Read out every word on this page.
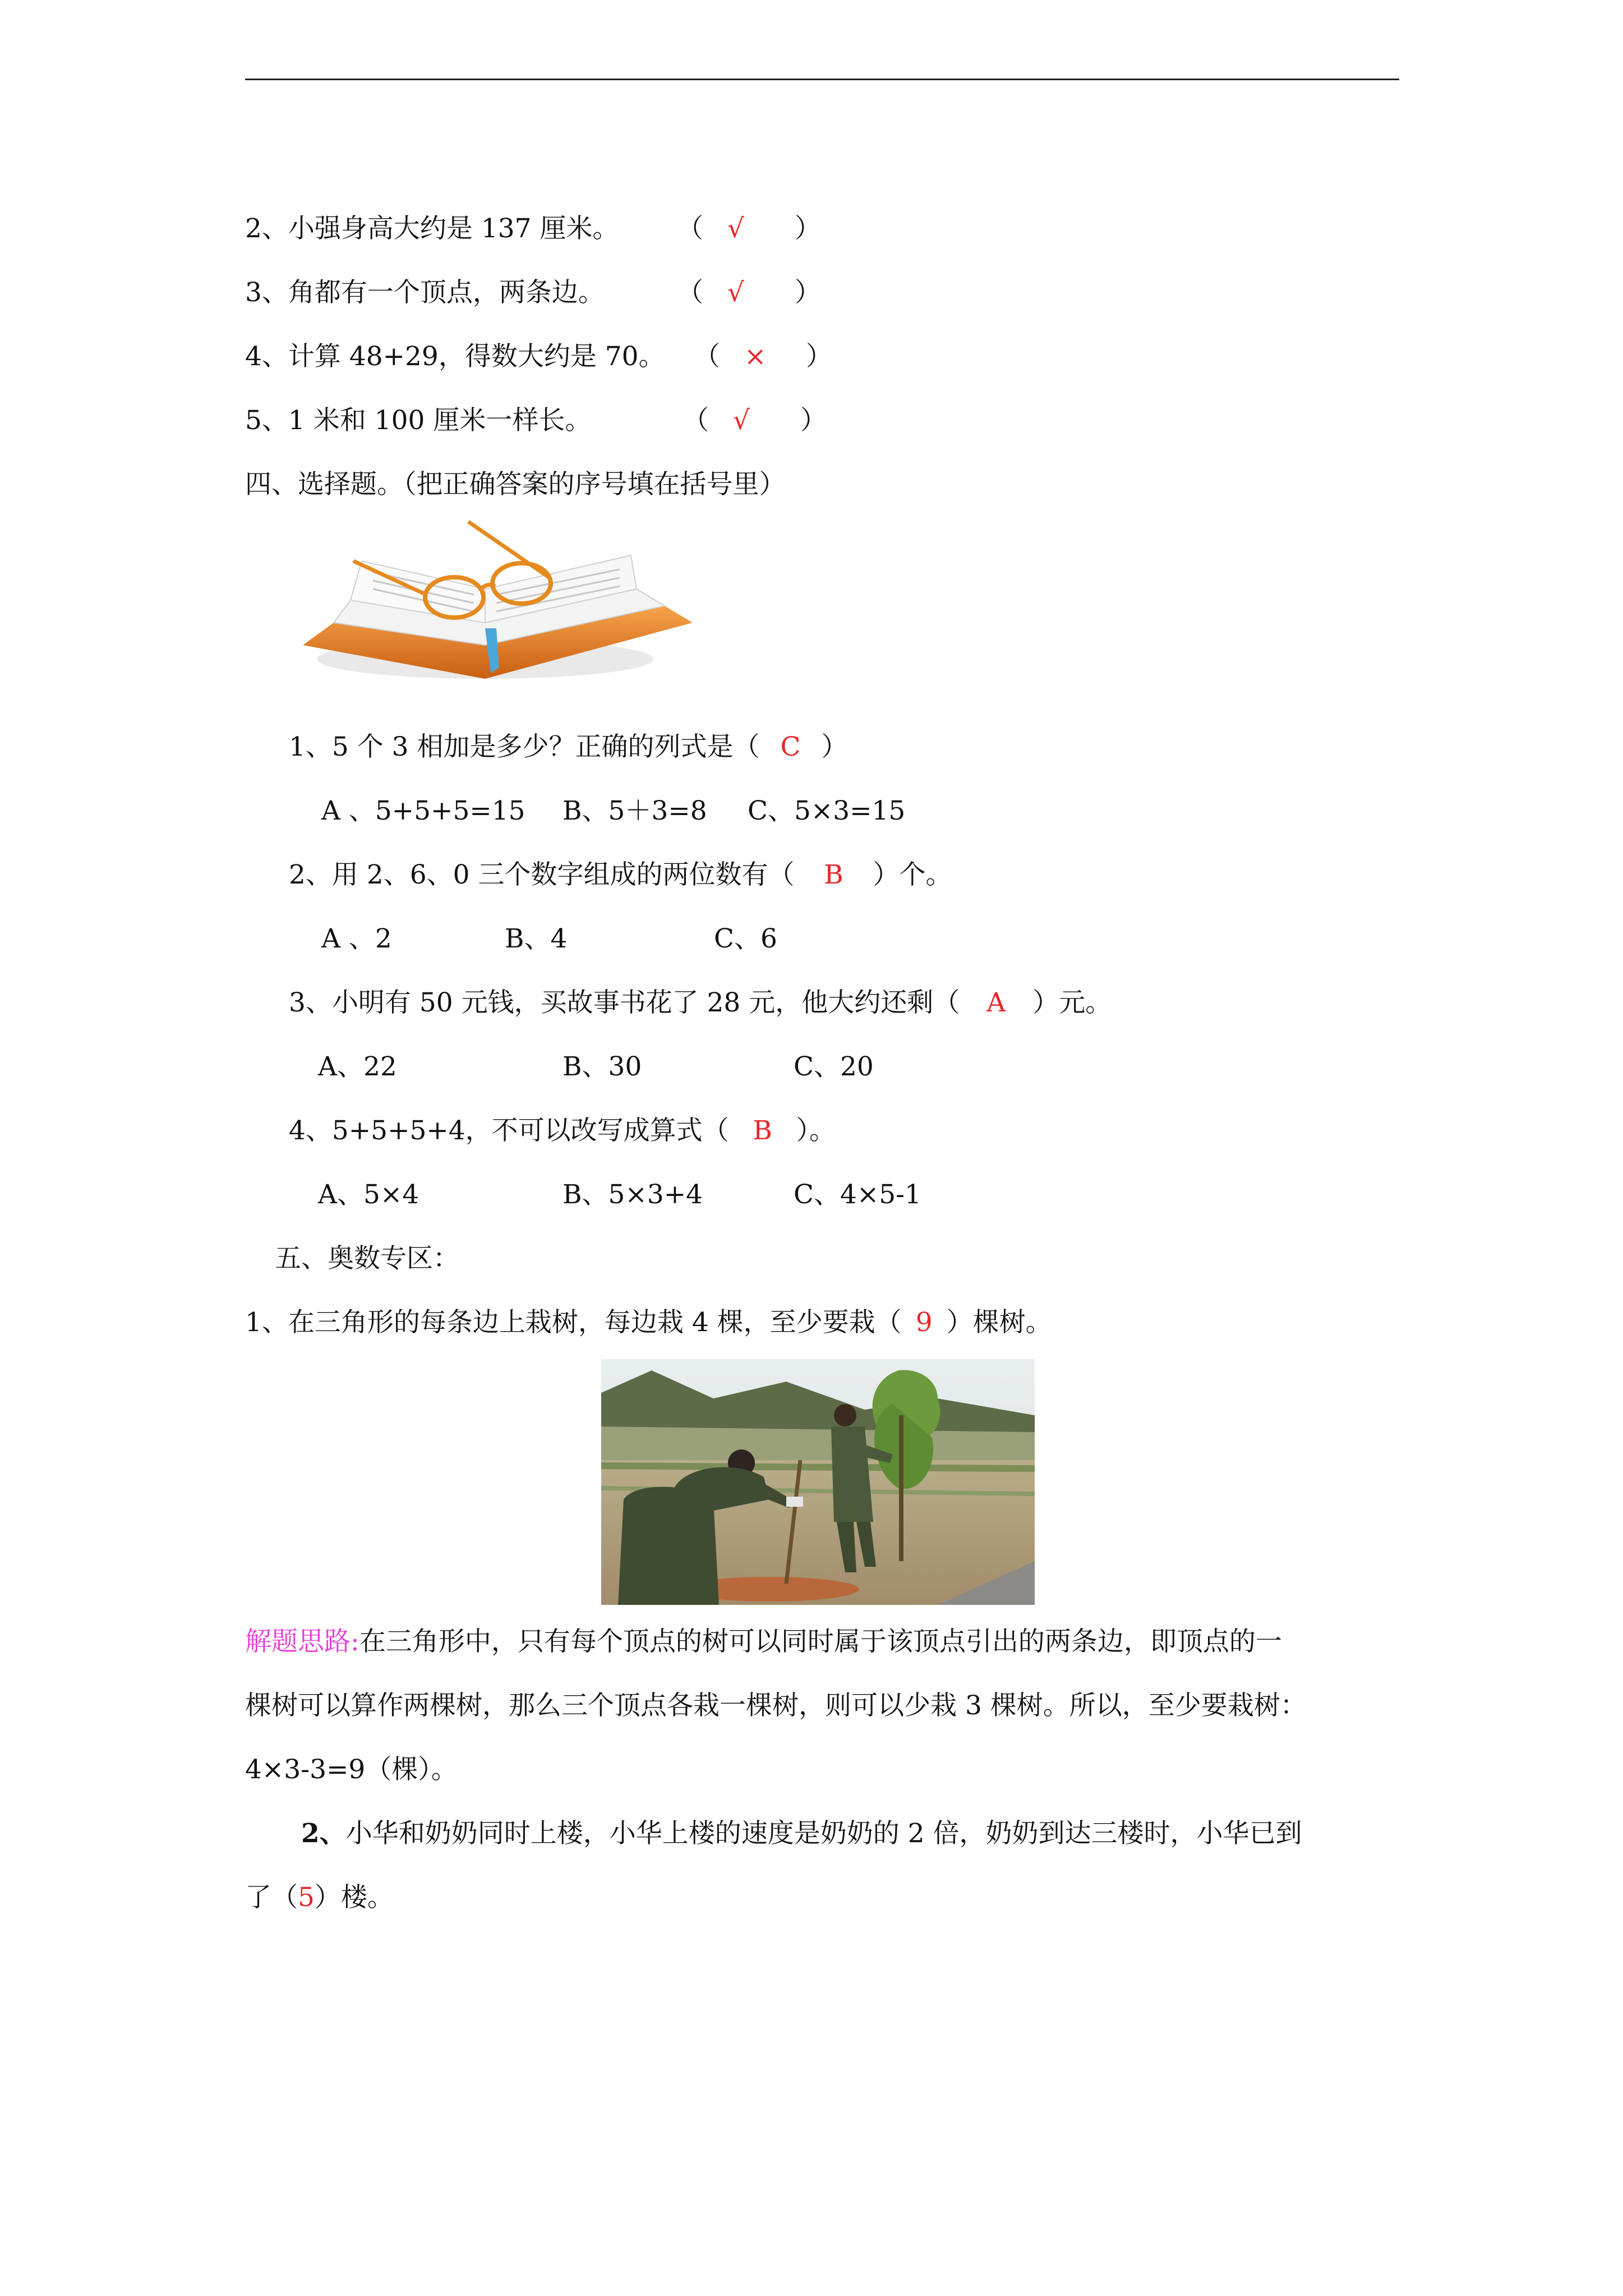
2、小强身高大约是 137 厘米。 （ √ ）
3、角都有一个顶点，两条边。	（ √ ）
4、计算 48+29，得数大约是 70。 （ × ）
5、1 米和 100 厘米一样长。	（ √ ）
四、选择题。（把正确答案的序号填在括号里）
1、5 个 3 相加是多少？正确的列式是（ C ）
A 、5+5+5=15 B、5＋3=8 C、5×3=15
2、用 2、6、0 三个数字组成的两位数有（ B ）个。
A 、2	B、4	C、6
3、小明有 50 元钱，买故事书花了 28 元，他大约还剩（ A ）元。
A、22	B、30	C、20
4、5+5+5+4，不可以改写成算式（ B ）。
A、5×4	B、5×3+4	C、4×5-1
五、奥数专区：
1、在三角形的每条边上栽树，每边栽 4 棵，至少要栽（ 9 ）棵树。
解题思路:在三角形中，只有每个顶点的树可以同时属于该顶点引出的两条边，即顶点的一
棵树可以算作两棵树，那么三个顶点各栽一棵树，则可以少栽 3 棵树。所以，至少要栽树：
4×3-3=9（棵）。
2、小华和奶奶同时上楼，小华上楼的速度是奶奶的 2 倍，奶奶到达三楼时，小华已到
了（5）楼。
